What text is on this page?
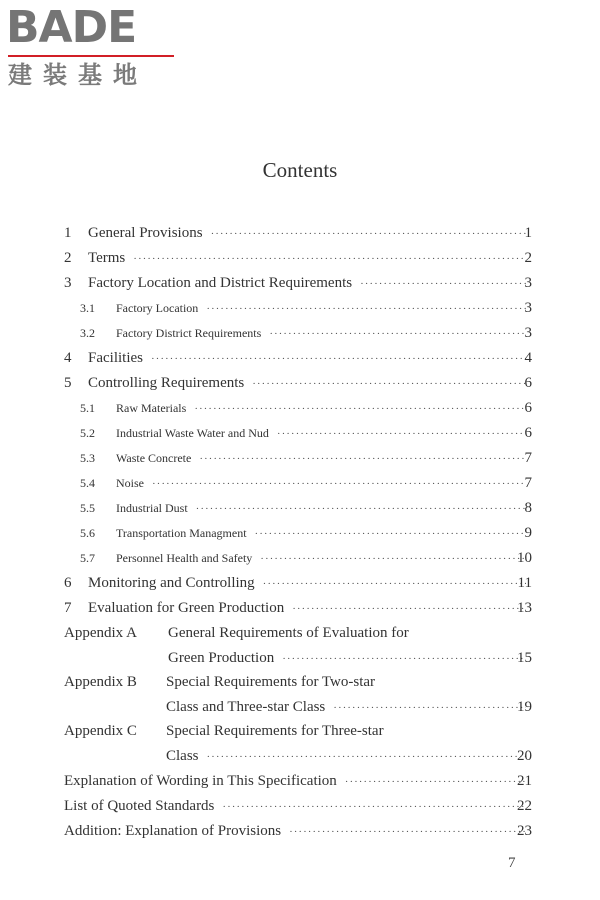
BADE
建装基地
Contents
1 General Provisions ·····	1
2 Terms ·····	2
3 Factory Location and District Requirements ·····	3
3.1 Factory Location ·····	3
3.2 Factory District Requirements ·····	3
4 Facilities ·····	4
5 Controlling Requirements ·····	6
5.1 Raw Materials ·····	6
5.2 Industrial Waste Water and Nud ·····	6
5.3 Waste Concrete ·····	7
5.4 Noise ·····	7
5.5 Industrial Dust ·····	8
5.6 Transportation Managment ·····	9
5.7 Personnel Health and Safety ·····	10
6 Monitoring and Controlling ·····	11
7 Evaluation for Green Production ·····	13
Appendix A General Requirements of Evaluation for
Green Production ·····	15
Appendix B Special Requirements for Two-star
Class and Three-star Class ·····	19
Appendix C Special Requirements for Three-star
Class ·····	20
Explanation of Wording in This Specification ·····	21
List of Quoted Standards ·····	22
Addition: Explanation of Provisions ·····	23
7
